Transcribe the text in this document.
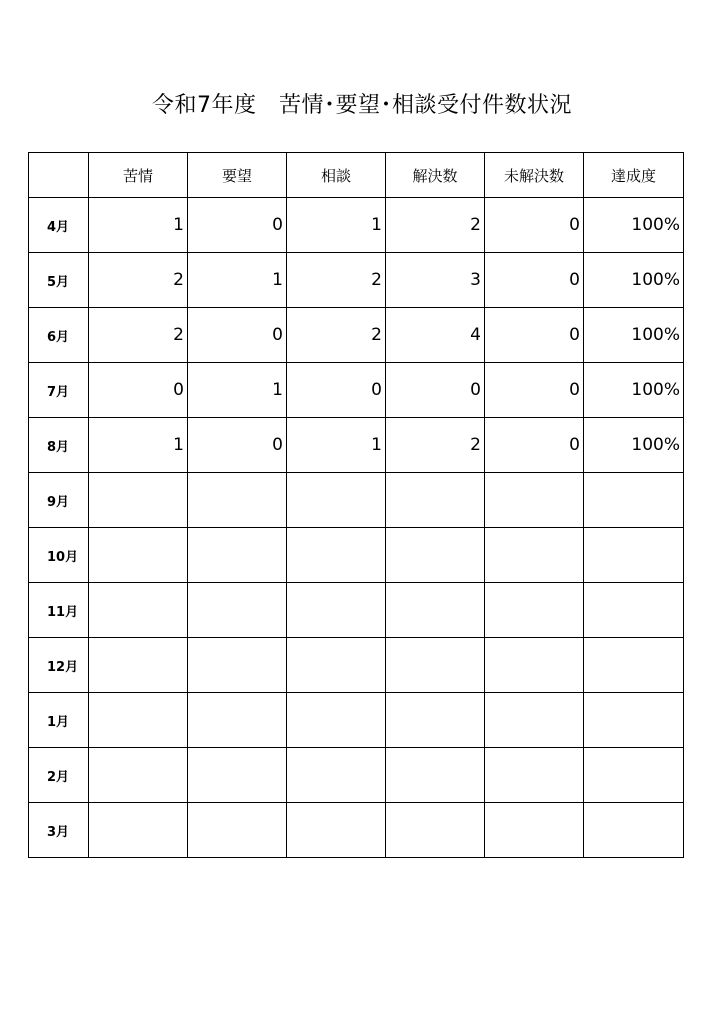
令和7年度　苦情･要望･相談受付件数状況
	苦情	要望	相談	解決数	未解決数	達成度
4月	1	0	1	2	0	100%
5月	2	1	2	3	0	100%
6月	2	0	2	4	0	100%
7月	0	1	0	0	0	100%
8月	1	0	1	2	0	100%
9月						
10月						
11月						
12月						
1月						
2月						
3月						
